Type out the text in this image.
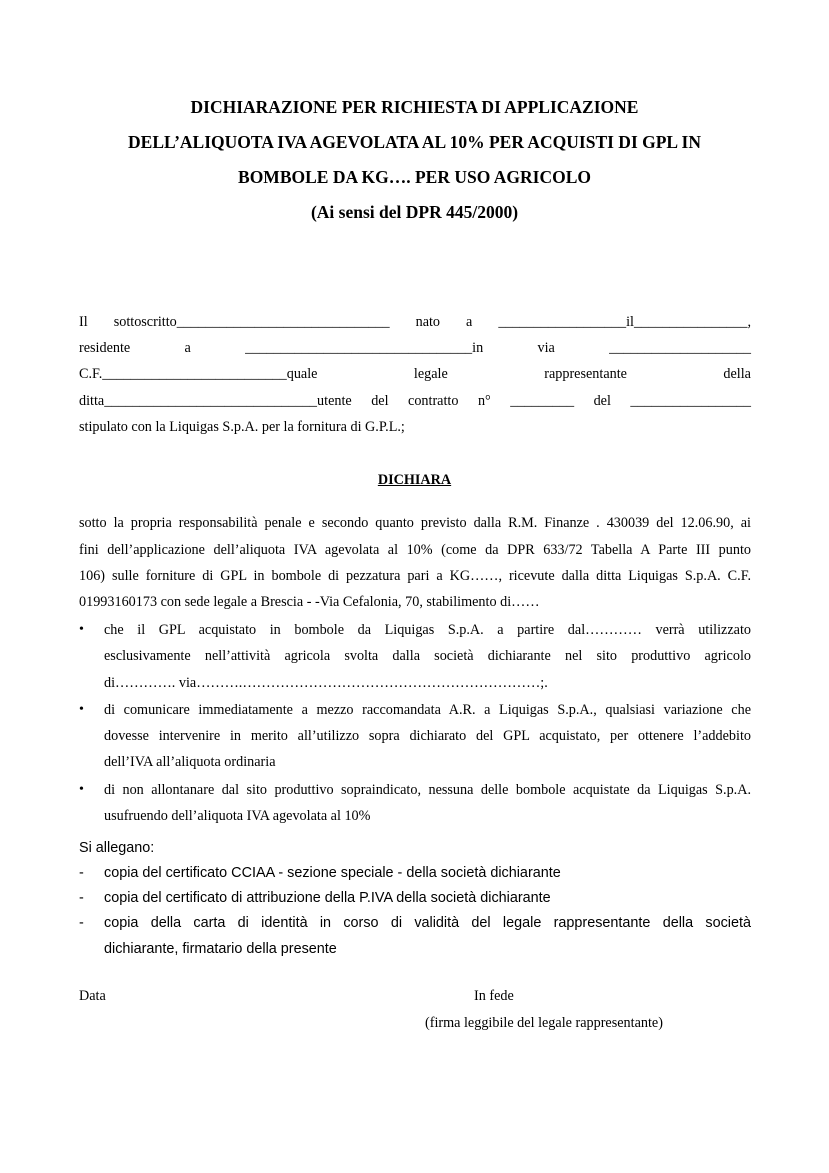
DICHIARAZIONE PER RICHIESTA DI APPLICAZIONE
DELL’ALIQUOTA IVA AGEVOLATA AL 10% PER ACQUISTI DI GPL IN
BOMBOLE DA KG…. PER USO AGRICOLO
(Ai sensi del DPR 445/2000)
Il sottoscritto______________________________ nato a __________________il________________,
residente a ________________________________in via ____________________
C.F.__________________________quale legale rappresentante della
ditta______________________________utente del contratto n° _________ del _________________
stipulato con la Liquigas S.p.A. per la fornitura di G.P.L.;
DICHIARA
sotto la propria responsabilità penale e secondo quanto previsto dalla R.M. Finanze . 430039 del 12.06.90, ai
fini dell’applicazione dell’aliquota IVA agevolata al 10% (come da DPR 633/72 Tabella A Parte III punto
106) sulle forniture di GPL in bombole di pezzatura pari a KG……, ricevute dalla ditta Liquigas S.p.A. C.F.
01993160173 con sede legale a Brescia - -Via Cefalonia, 70, stabilimento di……
• che il GPL acquistato in bombole da Liquigas S.p.A. a partire dal………… verrà utilizzato
esclusivamente nell’attività agricola svolta dalla società dichiarante nel sito produttivo agricolo
di…………. via……….………………………………………………………;.
• di comunicare immediatamente a mezzo raccomandata A.R. a Liquigas S.p.A., qualsiasi variazione che
dovesse intervenire in merito all’utilizzo sopra dichiarato del GPL acquistato, per ottenere l’addebito
dell’IVA all’aliquota ordinaria
• di non allontanare dal sito produttivo sopraindicato, nessuna delle bombole acquistate da Liquigas S.p.A.
usufruendo dell’aliquota IVA agevolata al 10%
Si allegano:
- copia del certificato CCIAA - sezione speciale - della società dichiarante
- copia del certificato di attribuzione della P.IVA della società dichiarante
- copia della carta di identità in corso di validità del legale rappresentante della società
dichiarante, firmatario della presente
Data	In fede
(firma leggibile del legale rappresentante)
